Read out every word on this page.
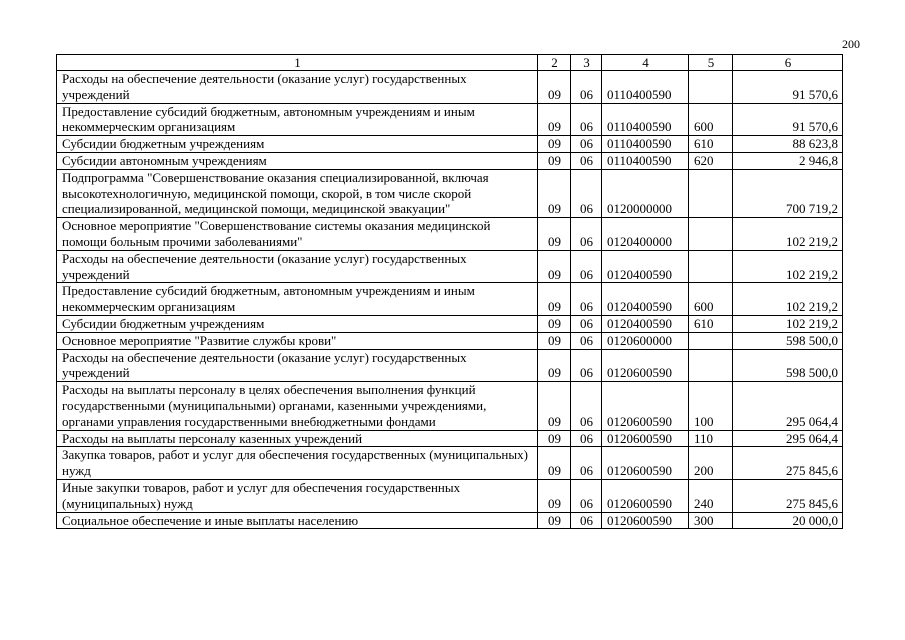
200
1	2	3	4	5	6
Расходы на обеспечение деятельности (оказание услуг) государственных учреждений	09	06	0110400590		91 570,6
Предоставление субсидий бюджетным, автономным учреждениям и иным некоммерческим организациям	09	06	0110400590	600	91 570,6
Субсидии бюджетным учреждениям	09	06	0110400590	610	88 623,8
Субсидии автономным учреждениям	09	06	0110400590	620	2 946,8
Подпрограмма "Совершенствование оказания специализированной, включая высокотехнологичную, медицинской помощи, скорой, в том числе скорой специализированной, медицинской помощи, медицинской эвакуации"	09	06	0120000000		700 719,2
Основное мероприятие "Совершенствование системы оказания медицинской помощи больным прочими заболеваниями"	09	06	0120400000		102 219,2
Расходы на обеспечение деятельности (оказание услуг) государственных учреждений	09	06	0120400590		102 219,2
Предоставление субсидий бюджетным, автономным учреждениям и иным некоммерческим организациям	09	06	0120400590	600	102 219,2
Субсидии бюджетным учреждениям	09	06	0120400590	610	102 219,2
Основное мероприятие "Развитие службы крови"	09	06	0120600000		598 500,0
Расходы на обеспечение деятельности (оказание услуг) государственных учреждений	09	06	0120600590		598 500,0
Расходы на выплаты персоналу в целях обеспечения выполнения функций государственными (муниципальными) органами, казенными учреждениями, органами управления государственными внебюджетными фондами	09	06	0120600590	100	295 064,4
Расходы на выплаты персоналу казенных учреждений	09	06	0120600590	110	295 064,4
Закупка товаров, работ и услуг для обеспечения государственных (муниципальных) нужд	09	06	0120600590	200	275 845,6
Иные закупки товаров, работ и услуг для обеспечения государственных (муниципальных) нужд	09	06	0120600590	240	275 845,6
Социальное обеспечение и иные выплаты населению	09	06	0120600590	300	20 000,0
